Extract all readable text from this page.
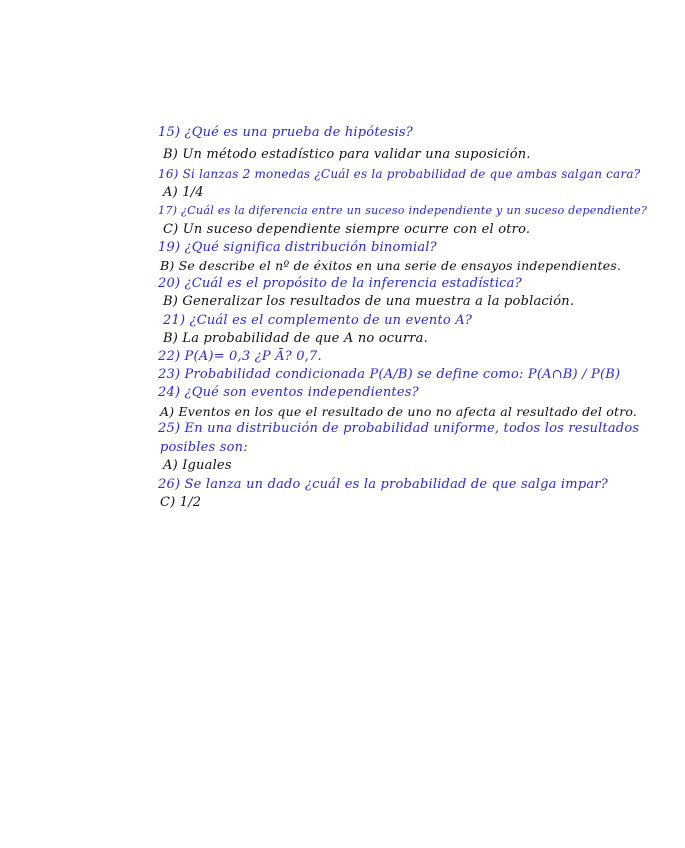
15) ¿Qué es una prueba de hipótesis?
B) Un método estadístico para validar una suposición.
16) Si lanzas 2 monedas ¿Cuál es la probabilidad de que ambas salgan cara?
A) 1/4
17) ¿Cuál es la diferencia entre un suceso independiente y un suceso dependiente?
C) Un suceso dependiente siempre ocurre con el otro.
19) ¿Qué significa distribución binomial?
B) Se describe el nº de éxitos en una serie de ensayos independientes.
20) ¿Cuál es el propósito de la inferencia estadística?
B) Generalizar los resultados de una muestra a la población.
21) ¿Cuál es el complemento de un evento A?
B) La probabilidad de que A no ocurra.
22) P(A)= 0,3 ¿P Ā? 0,7.
23) Probabilidad condicionada P(A/B) se define como: P(A∩B) / P(B)
24) ¿Qué son eventos independientes?
A) Eventos en los que el resultado de uno no afecta al resultado del otro.
25) En una distribución de probabilidad uniforme, todos los resultados
posibles son:
A) Iguales
26) Se lanza un dado ¿cuál es la probabilidad de que salga impar?
C) 1/2
